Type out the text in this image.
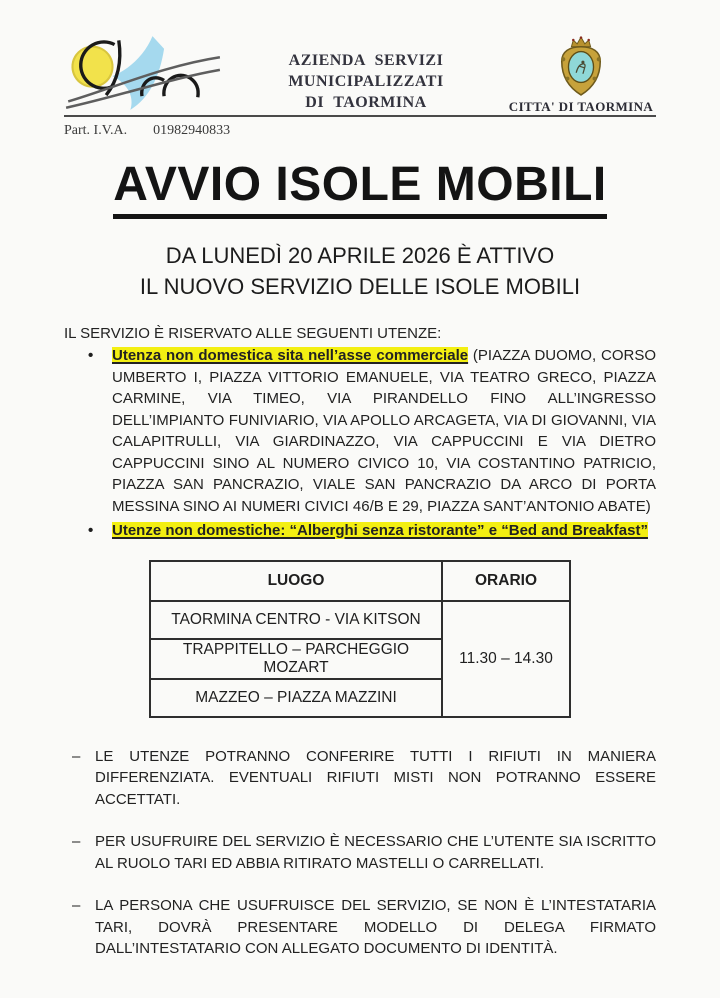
AZIENDA SERVIZI MUNICIPALIZZATI
DI TAORMINA	CITTA' DI TAORMINA
Part. I.V.A. 01982940833
AVVIO ISOLE MOBILI
DA LUNEDÌ 20 APRILE 2026 È ATTIVO
IL NUOVO SERVIZIO DELLE ISOLE MOBILI
IL SERVIZIO È RISERVATO ALLE SEGUENTI UTENZE:
•	Utenza non domestica sita nell’asse commerciale (PIAZZA DUOMO, CORSO UMBERTO I, PIAZZA VITTORIO EMANUELE, VIA TEATRO GRECO, PIAZZA CARMINE, VIA TIMEO, VIA PIRANDELLO FINO ALL’INGRESSO DELL’IMPIANTO FUNIVIARIO, VIA APOLLO ARCAGETA, VIA DI GIOVANNI, VIA CALAPITRULLI, VIA GIARDINAZZO, VIA CAPPUCCINI E VIA DIETRO CAPPUCCINI SINO AL NUMERO CIVICO 10, VIA COSTANTINO PATRICIO, PIAZZA SAN PANCRAZIO, VIALE SAN PANCRAZIO DA ARCO DI PORTA MESSINA SINO AI NUMERI CIVICI 46/B E 29, PIAZZA SANT’ANTONIO ABATE)
•	Utenze non domestiche: “Alberghi senza ristorante” e “Bed and Breakfast”
LUOGO	ORARIO
TAORMINA CENTRO - VIA KITSON	11.30 – 14.30
TRAPPITELLO – PARCHEGGIO MOZART	
MAZZEO – PIAZZA MAZZINI	
– LE UTENZE POTRANNO CONFERIRE TUTTI I RIFIUTI IN MANIERA DIFFERENZIATA. EVENTUALI RIFIUTI MISTI NON POTRANNO ESSERE ACCETTATI.
– PER USUFRUIRE DEL SERVIZIO È NECESSARIO CHE L’UTENTE SIA ISCRITTO AL RUOLO TARI ED ABBIA RITIRATO MASTELLI O CARRELLATI.
– LA PERSONA CHE USUFRUISCE DEL SERVIZIO, SE NON È L’INTESTATARIA TARI, DOVRÀ PRESENTARE MODELLO DI DELEGA FIRMATO DALL’INTESTATARIO CON ALLEGATO DOCUMENTO DI IDENTITÀ.
